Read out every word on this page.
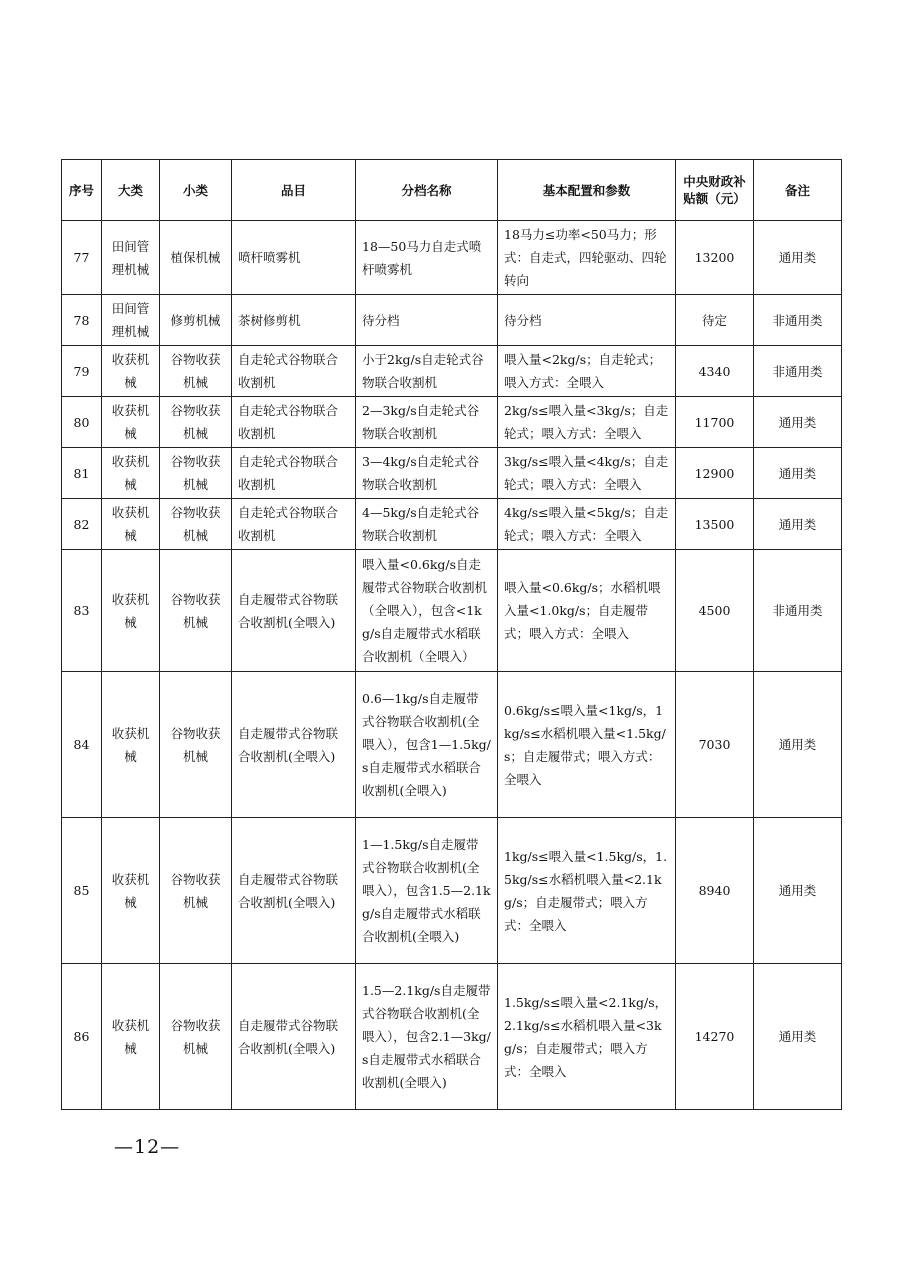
序号	大类	小类	品目	分档名称	基本配置和参数	中央财政补贴额（元）	备注
77	田间管理机械	植保机械	喷杆喷雾机	18—50马力自走式喷杆喷雾机	18马力≤功率<50马力；形式：自走式，四轮驱动、四轮转向	13200	通用类
78	田间管理机械	修剪机械	茶树修剪机	待分档	待分档	待定	非通用类
79	收获机械	谷物收获机械	自走轮式谷物联合收割机	小于2kg/s自走轮式谷物联合收割机	喂入量<2kg/s；自走轮式；喂入方式：全喂入	4340	非通用类
80	收获机械	谷物收获机械	自走轮式谷物联合收割机	2—3kg/s自走轮式谷物联合收割机	2kg/s≤喂入量<3kg/s；自走轮式；喂入方式：全喂入	11700	通用类
81	收获机械	谷物收获机械	自走轮式谷物联合收割机	3—4kg/s自走轮式谷物联合收割机	3kg/s≤喂入量<4kg/s；自走轮式；喂入方式：全喂入	12900	通用类
82	收获机械	谷物收获机械	自走轮式谷物联合收割机	4—5kg/s自走轮式谷物联合收割机	4kg/s≤喂入量<5kg/s；自走轮式；喂入方式：全喂入	13500	通用类
83	收获机械	谷物收获机械	自走履带式谷物联合收割机(全喂入)	喂入量<0.6kg/s自走履带式谷物联合收割机（全喂入），包含<1kg/s自走履带式水稻联合收割机（全喂入）	喂入量<0.6kg/s；水稻机喂入量<1.0kg/s；自走履带式；喂入方式：全喂入	4500	非通用类
84	收获机械	谷物收获机械	自走履带式谷物联合收割机(全喂入)	0.6—1kg/s自走履带式谷物联合收割机(全喂入），包含1—1.5kg/s自走履带式水稻联合收割机(全喂入)	0.6kg/s≤喂入量<1kg/s，1kg/s≤水稻机喂入量<1.5kg/s；自走履带式；喂入方式：全喂入	7030	通用类
85	收获机械	谷物收获机械	自走履带式谷物联合收割机(全喂入)	1—1.5kg/s自走履带式谷物联合收割机(全喂入），包含1.5—2.1kg/s自走履带式水稻联合收割机(全喂入)	1kg/s≤喂入量<1.5kg/s，1.5kg/s≤水稻机喂入量<2.1kg/s；自走履带式；喂入方式：全喂入	8940	通用类
86	收获机械	谷物收获机械	自走履带式谷物联合收割机(全喂入)	1.5—2.1kg/s自走履带式谷物联合收割机(全喂入），包含2.1—3kg/s自走履带式水稻联合收割机(全喂入)	1.5kg/s≤喂入量<2.1kg/s，2.1kg/s≤水稻机喂入量<3kg/s；自走履带式；喂入方式：全喂入	14270	通用类
—12—
